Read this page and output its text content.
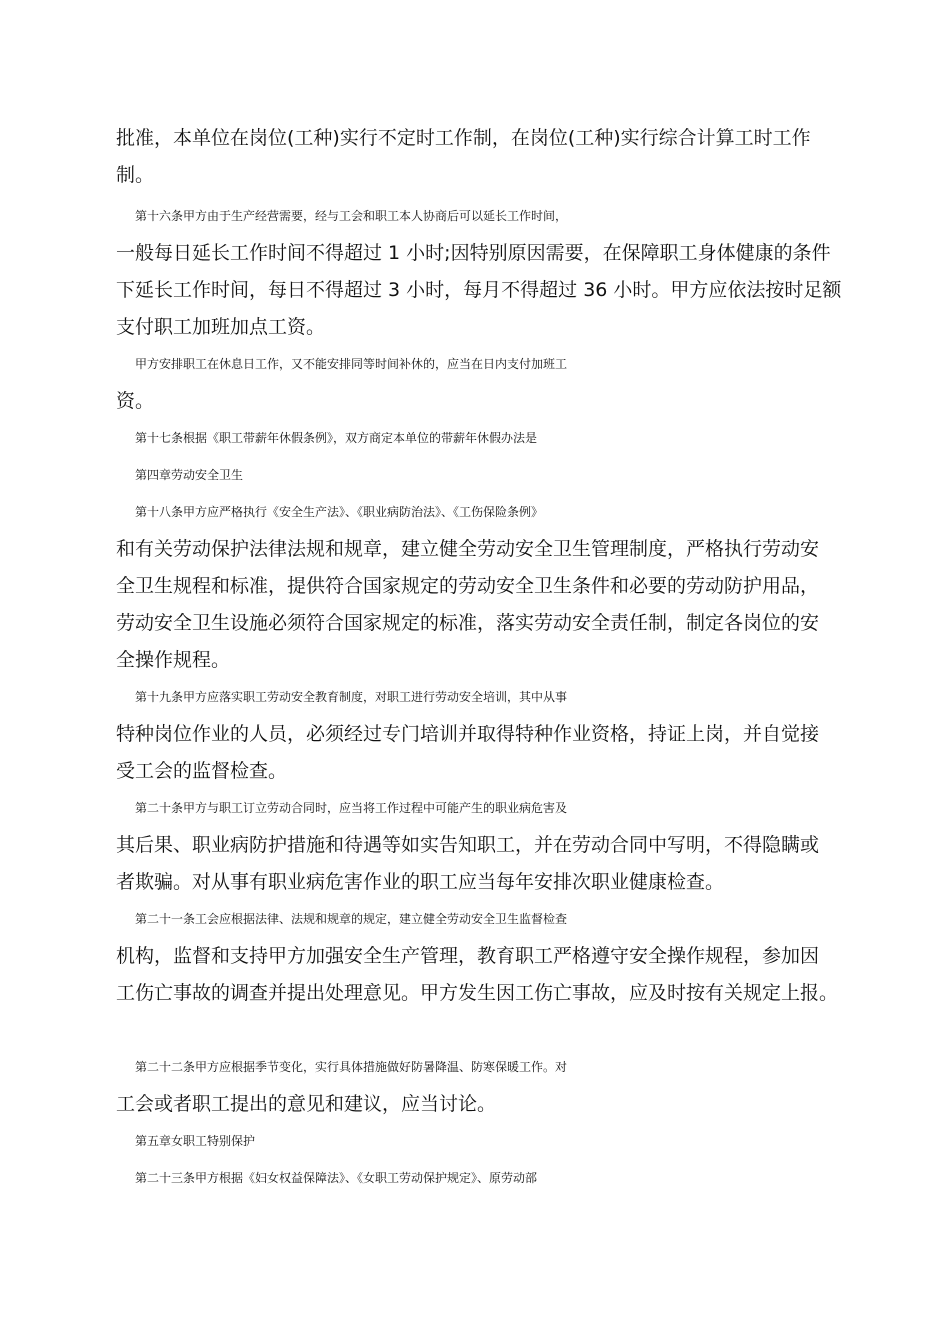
批准，本单位在岗位(工种)实行不定时工作制，在岗位(工种)实行综合计算工时工作
制。
第十六条甲方由于生产经营需要，经与工会和职工本人协商后可以延长工作时间，
一般每日延长工作时间不得超过 1 小时;因特别原因需要，在保障职工身体健康的条件
下延长工作时间，每日不得超过 3 小时，每月不得超过 36 小时。甲方应依法按时足额
支付职工加班加点工资。
甲方安排职工在休息日工作，又不能安排同等时间补休的，应当在日内支付加班工
资。
第十七条根据《职工带薪年休假条例》，双方商定本单位的带薪年休假办法是
第四章劳动安全卫生
第十八条甲方应严格执行《安全生产法》、《职业病防治法》、《工伤保险条例》
和有关劳动保护法律法规和规章，建立健全劳动安全卫生管理制度，严格执行劳动安
全卫生规程和标准，提供符合国家规定的劳动安全卫生条件和必要的劳动防护用品，
劳动安全卫生设施必须符合国家规定的标准，落实劳动安全责任制，制定各岗位的安
全操作规程。
第十九条甲方应落实职工劳动安全教育制度，对职工进行劳动安全培训，其中从事
特种岗位作业的人员，必须经过专门培训并取得特种作业资格，持证上岗，并自觉接
受工会的监督检查。
第二十条甲方与职工订立劳动合同时，应当将工作过程中可能产生的职业病危害及
其后果、职业病防护措施和待遇等如实告知职工，并在劳动合同中写明，不得隐瞒或
者欺骗。对从事有职业病危害作业的职工应当每年安排次职业健康检查。
第二十一条工会应根据法律、法规和规章的规定，建立健全劳动安全卫生监督检查
机构，监督和支持甲方加强安全生产管理，教育职工严格遵守安全操作规程，参加因
工伤亡事故的调查并提出处理意见。甲方发生因工伤亡事故，应及时按有关规定上报。
第二十二条甲方应根据季节变化，实行具体措施做好防暑降温、防寒保暖工作。对
工会或者职工提出的意见和建议，应当讨论。
第五章女职工特别保护
第二十三条甲方根据《妇女权益保障法》、《女职工劳动保护规定》、原劳动部
